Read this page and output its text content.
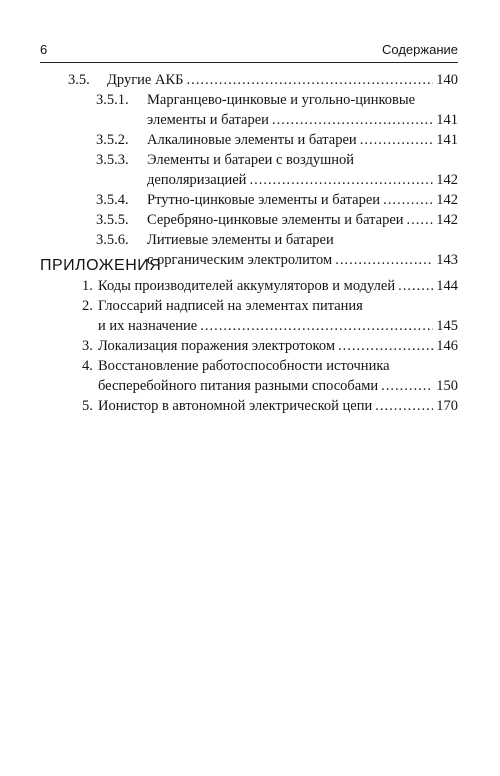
6	Содержание
3.5. Другие АКБ .....	140
3.5.1. Марганцево-цинковые и угольно-цинковые
элементы и батареи .....	141
3.5.2. Алкалиновые элементы и батареи .....	141
3.5.3. Элементы и батареи с воздушной
деполяризацией .....	142
3.5.4. Ртутно-цинковые элементы и батареи .....	142
3.5.5. Серебряно-цинковые элементы и батареи ..... 142
3.5.6. Литиевые элементы и батареи
с органическим электролитом .....	143
ПРИЛОЖЕНИЯ
1. Коды производителей аккумуляторов и модулей .....	144
2. Глоссарий надписей на элементах питания
и их назначение .....	145
3. Локализация поражения электротоком .....	146
4. Восстановление работоспособности источника
бесперебойного питания разными способами .....	150
5. Ионистор в автономной электрической цепи .....	170
